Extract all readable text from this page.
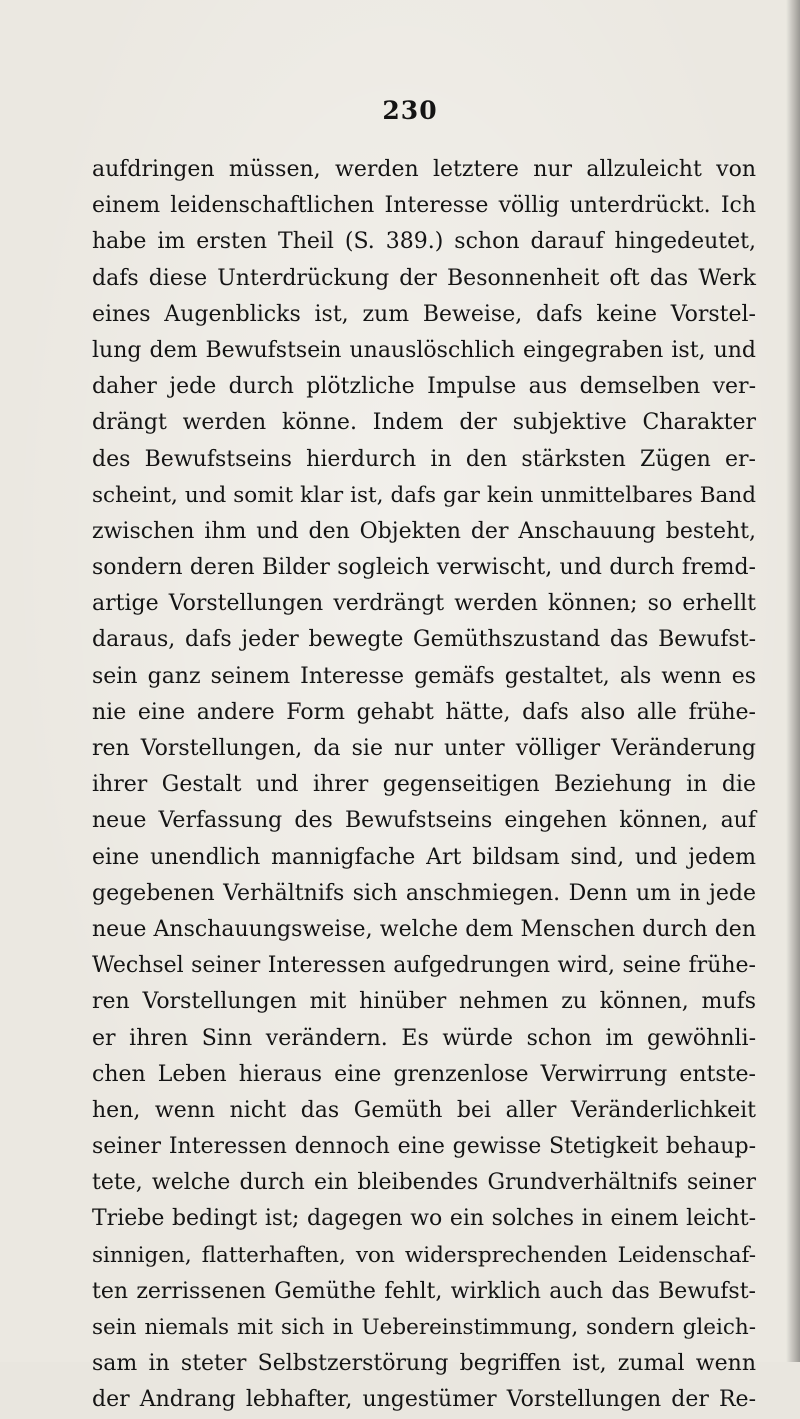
230
aufdringen müssen, werden letztere nur allzuleicht von
einem leidenschaftlichen Interesse völlig unterdrückt. Ich
habe im ersten Theil (S. 389.) schon darauf hingedeutet,
dafs diese Unterdrückung der Besonnenheit oft das Werk
eines Augenblicks ist, zum Beweise, dafs keine Vorstel-
lung dem Bewufstsein unauslöschlich eingegraben ist, und
daher jede durch plötzliche Impulse aus demselben ver-
drängt werden könne. Indem der subjektive Charakter
des Bewufstseins hierdurch in den stärksten Zügen er-
scheint, und somit klar ist, dafs gar kein unmittelbares Band
zwischen ihm und den Objekten der Anschauung besteht,
sondern deren Bilder sogleich verwischt, und durch fremd-
artige Vorstellungen verdrängt werden können; so erhellt
daraus, dafs jeder bewegte Gemüthszustand das Bewufst-
sein ganz seinem Interesse gemäfs gestaltet, als wenn es
nie eine andere Form gehabt hätte, dafs also alle frühe-
ren Vorstellungen, da sie nur unter völliger Veränderung
ihrer Gestalt und ihrer gegenseitigen Beziehung in die
neue Verfassung des Bewufstseins eingehen können, auf
eine unendlich mannigfache Art bildsam sind, und jedem
gegebenen Verhältnifs sich anschmiegen. Denn um in jede
neue Anschauungsweise, welche dem Menschen durch den
Wechsel seiner Interessen aufgedrungen wird, seine frühe-
ren Vorstellungen mit hinüber nehmen zu können, mufs
er ihren Sinn verändern. Es würde schon im gewöhnli-
chen Leben hieraus eine grenzenlose Verwirrung entste-
hen, wenn nicht das Gemüth bei aller Veränderlichkeit
seiner Interessen dennoch eine gewisse Stetigkeit behaup-
tete, welche durch ein bleibendes Grundverhältnifs seiner
Triebe bedingt ist; dagegen wo ein solches in einem leicht-
sinnigen, flatterhaften, von widersprechenden Leidenschaf-
ten zerrissenen Gemüthe fehlt, wirklich auch das Bewufst-
sein niemals mit sich in Uebereinstimmung, sondern gleich-
sam in steter Selbstzerstörung begriffen ist, zumal wenn
der Andrang lebhafter, ungestümer Vorstellungen der Re-
